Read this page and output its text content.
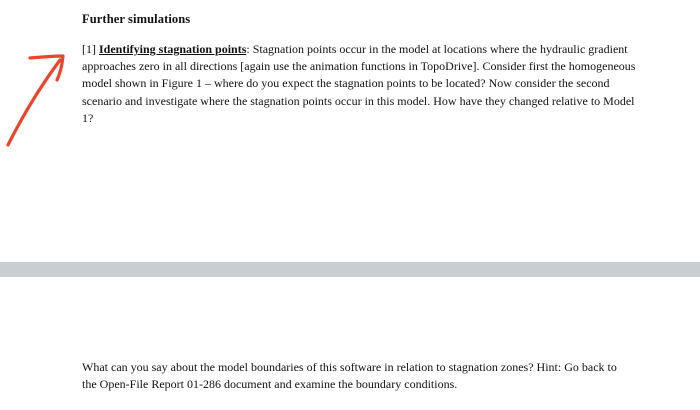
Further simulations
[1] Identifying stagnation points: Stagnation points occur in the model at locations where the hydraulic gradient approaches zero in all directions [again use the animation functions in TopoDrive]. Consider first the homogeneous model shown in Figure 1 – where do you expect the stagnation points to be located? Now consider the second scenario and investigate where the stagnation points occur in this model. How have they changed relative to Model 1?
What can you say about the model boundaries of this software in relation to stagnation zones? Hint: Go back to the Open-File Report 01-286 document and examine the boundary conditions.
